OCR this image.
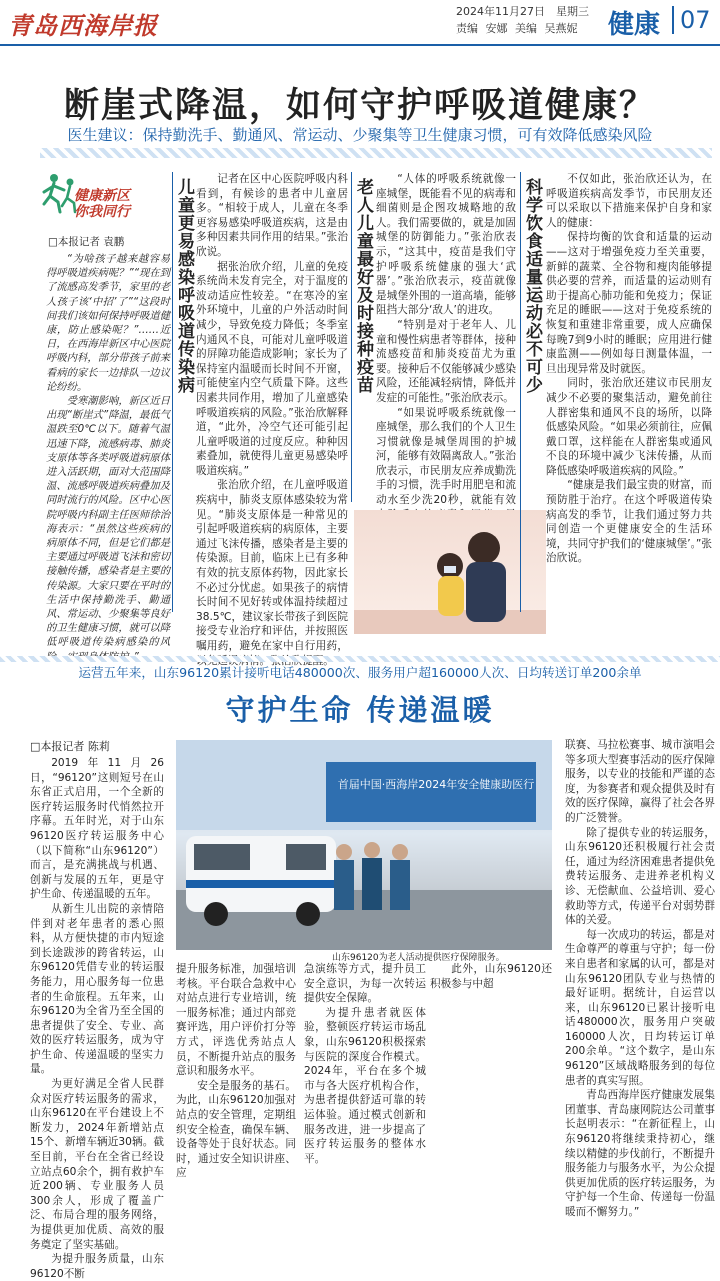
青岛西海岸报	2024年11月27日 星期三
责编 安娜 美编 吴燕妮 健康 07
断崖式降温，如何守护呼吸道健康？
医生建议：保持勤洗手、勤通风、常运动、少聚集等卫生健康习惯，可有效降低感染风险
健康新区 你我同行
□本报记者 袁鹏

“为啥孩子越来越容易得呼吸道疾病呢？”“现在到了流感高发季节，家里的老人孩子该‘中招’了”“这段时间我们该如何保持呼吸道健康，防止感染呢？”……近日，在西海岸新区中心医院呼吸内科，部分带孩子前来看病的家长一边排队一边议论纷纷。

受寒潮影响，新区近日出现“断崖式”降温，最低气温跌至0℃以下。随着气温迅速下降，流感病毒、肺炎支原体等各类呼吸道病原体进入活跃期，面对大范围降温、流感呼吸道疾病叠加及同时流行的风险。区中心医院呼吸内科副主任医师徐治海表示：“虽然这些疾病的病原体不同，但是它们都是主要通过呼吸道飞沫和密切接触传播，感染者是主要的传染源。大家只要在平时的生活中保持勤洗手、勤通风、常运动、少聚集等良好的卫生健康习惯，就可以降低呼吸道传染病感染的风

儿童更易感染呼吸道传染病	记者在区中心医院呼吸内科看到，有候诊的患者中儿童居多。“相较于成人，儿童在冬季更容易感染呼吸道疾病，这是由多种因素共同作用的结果。”张治欣说。

据张治欣介绍，儿童的免疫系统尚未发育完全，对于温度的波动适应性较差。“在寒冷的室外环境中，儿童的户外活动时间减少，导致免疫力降低；冬季室内通风不良，可能对儿童呼吸道的屏障功能造成影响；家长为了保持室内温暖而长时间不开窗，可能使室内空气质量下降。这些因素共同作用，增加了儿童感染呼吸道疾病的风险。”张治欣解释道，“此外，冷空气还可能引起儿童呼吸道的过度反应。种种因素叠加，就使得儿童更易感染呼吸道疾病。”

张治欣介绍，在儿童呼吸道疾病中，肺炎支原体感染较为常见。“肺炎支原体是一种常见的引起呼吸道疾病的病原体，主要通过飞沫传播，感染者是主要的传染源。目前，临床上已有多种有效的抗支原体药物，因此家长不必过分忧虑。如果孩子的病情长时间不见好转或体温持续超过38.5℃，建议家长带孩子到医院接受专业治疗和评估，并按照医嘱用药，避免在家中自行用药，

老人儿童最好及时接种疫苗	“人体的呼吸系统就像一座城堡，既能看不见的病毒和细菌则是企图攻城略地的敌人。我们需要做的，就是加固城堡的防御能力。”张治欣表示，“这其中，疫苗是我们守护呼吸系统健康的强大‘武器’。”张治欣表示，疫苗就像是城堡外围的一道高墙，能够阻挡大部分‘敌人’的进攻。

“特别是对于老年人、儿童和慢性病患者等群体，接种流感疫苗和肺炎疫苗尤为重要。接种后不仅能够减少感染风险，还能减轻病情，降低并发症的可能性。”张治欣表示。

“如果说呼吸系统就像一座城堡，那么我们的个人卫生习惯就像是城堡周围的护城河，能够有效隔离敌人。”张治欣表示，市民朋友应养成勤洗手的习惯，洗手时用肥皂和流动水至少洗20秒，就能有效

科学饮食适量运动必不可少	不仅如此，张治欣还认为，在呼吸道疾病高发季节，市民朋友还可以采取以下措施来保护自身和家人的健康：

保持均衡的饮食和适量的运动——这对于增强免疫力至关重要，新鲜的蔬菜、全谷物和瘦肉能够提供必要的营养，而适量的运动则有助于提高心肺功能和免疫力；保证充足的睡眠——这对于免疫系统的恢复和重建非常重要，成人应确保每晚7到9小时的睡眠；应用进行健康监测——例如每日测量体温，一旦出现异常及时就医。

同时，张治欣还建议市民朋友减少不必要的聚集活动，避免前往人群密集和通风不良的场所，以降低感染风险。“如果必须前往，应佩戴口罩，这样能在人群密集或通风不良的环境中减少飞沫传播，从而降低感染呼吸道疾病的风险。”

“健康是我们最宝贵的财富，而预防胜于治疗。在这个呼吸道传染病高发的季节，让我们通过努力共同创造一个更健康安全的生活环境，共同守护我们的‘健康城堡’。”张治欣说。

运营五年来，山东96120累计接听电话480000次、服务用户超160000人次、日均转送订单200余单
守护生命 传递温暖
□本报记者 陈莉

2019年11月26日，“96120”这则短号在山东省正式启用，一个全新的医疗转运服务时代悄然拉开序幕。五年时光，对于山东96120医疗转运服务中心（以下简称“山东96120”）而言，是充满挑战与机遇、创新与发展的五年，更是守护生命、传递温暖的五年。

从新生儿出院的亲情陪伴到对老年患者的悉心照料，从方便快捷的市内短途到长途跋涉的跨省转运，山东96120凭借专业的转运服务能力，用心服务每一位患者的生命旅程。五年来，山东96120为全省乃至全国的患者提供了安全、专业、高效的医疗转运服务，成为守护生命、传递温暖的坚实力量。

为更好满足全省人民群众对医疗转运服务的需求，山东96120在平台建设上不断发力，2024年新增站点15个、新增车辆近30辆。截至目前，平台在全省已经设立站点60余个，拥有救护车近200辆、专业服务人员300余人，形成了覆盖广泛、布局合理的服务网络，为提供更加优质、高效的服务奠定了坚实基础。

为提升服务质量，山东96120不断

首届中国·西海岸2024年安全健康助医行
山东96120为老人活动提供医疗保障服务。

提升服务标准，加强培训考核。平台联合急救中心对站点进行专业培训，统一服务标准；通过内部竞赛评选，用户评价打分等方式，评选优秀站点人员，不断提升站点的服务意识和服务水平。

安全是服务的基石。为此，山东96120加强对站点的安全管理，定期组织安全检查，确保车辆、设备等处于良好状态。同时，通过安全知识讲座、应

急演练等方式，提升员工安全意识，为每一次转运提供安全保障。

为提升患者就医体验，整顿医疗转运市场乱象，山东96120积极探索与医院的深度合作模式。2024年，平台在多个城市与各大医疗机构合作，为患者提供舒适可靠的转运体验。通过模式创新和服务改进，进一步提高了医疗转运服务的整体水平。

此外，山东96120还积极参与中超

联赛、马拉松赛事、城市演唱会等多项大型赛事活动的医疗保障服务，以专业的技能和严谨的态度，为参赛者和观众提供及时有效的医疗保障，赢得了社会各界的广泛赞誉。

除了提供专业的转运服务，山东96120还积极履行社会责任，通过为经济困难患者提供免费转运服务、走进养老机构义诊、无偿献血、公益培训、爱心救助等方式，传递平台对弱势群体的关爱。

每一次成功的转运，都是对生命尊严的尊重与守护；每一份来自患者和家属的认可，都是对山东96120团队专业与热情的最好证明。据统计，自运营以来，山东96120已累计接听电话480000次，服务用户突破160000人次，日均转运订单200余单。“这个数字，是山东96120”区域战略服务到的每位患者的真实写照。

青岛西海岸医疗健康发展集团董事、青岛康网院达公司董事长赵明表示：“在新征程上，山东96120将继续秉持初心，继续以精健的步伐前行，不断提升服务能力与服务水平，为公众提供更加优质的医疗转运服务，为守护每一个生命、传递每一份温暖而不懈努力。”
